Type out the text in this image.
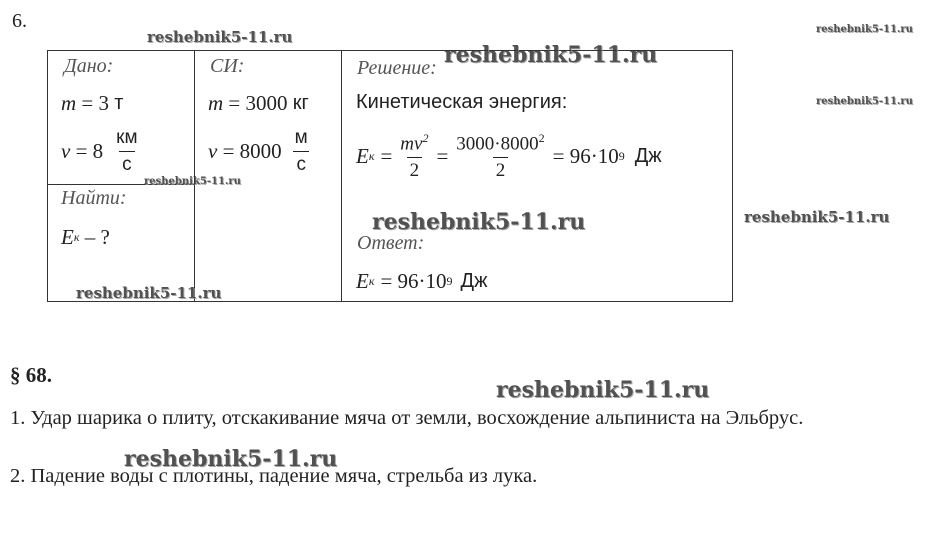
6.
Дано:
m
= 3
т
v
= $8 \frac{км}{с}$
СИ:
m
= 3000
кг
v
= $8000 \frac{м}{с}$
Найти:
E к
– ?
Решение:
Кинетическая энергия:
E $к = \frac{mv^2}{2} = \frac{3000\cdot 8000^2}{2} = 96\cdot 10$ 9 Дж
Ответ:
E к = 96·10 9 Дж
§ 68.
1. Удар шарика о плиту, отскакивание мяча от земли, восхождение альпиниста на Эльбрус.
2. Падение воды с плотины, падение мяча, стрельба из лука.
reshebnik5-11.ru
reshebnik5-11.ru
reshebnik5-11.ru
reshebnik5-11.ru
reshebnik5-11.ru
reshebnik5-11.ru	reshebnik5-11.ru
reshebnik5-11.ru
reshebnik5-11.ru
reshebnik5-11.ru
